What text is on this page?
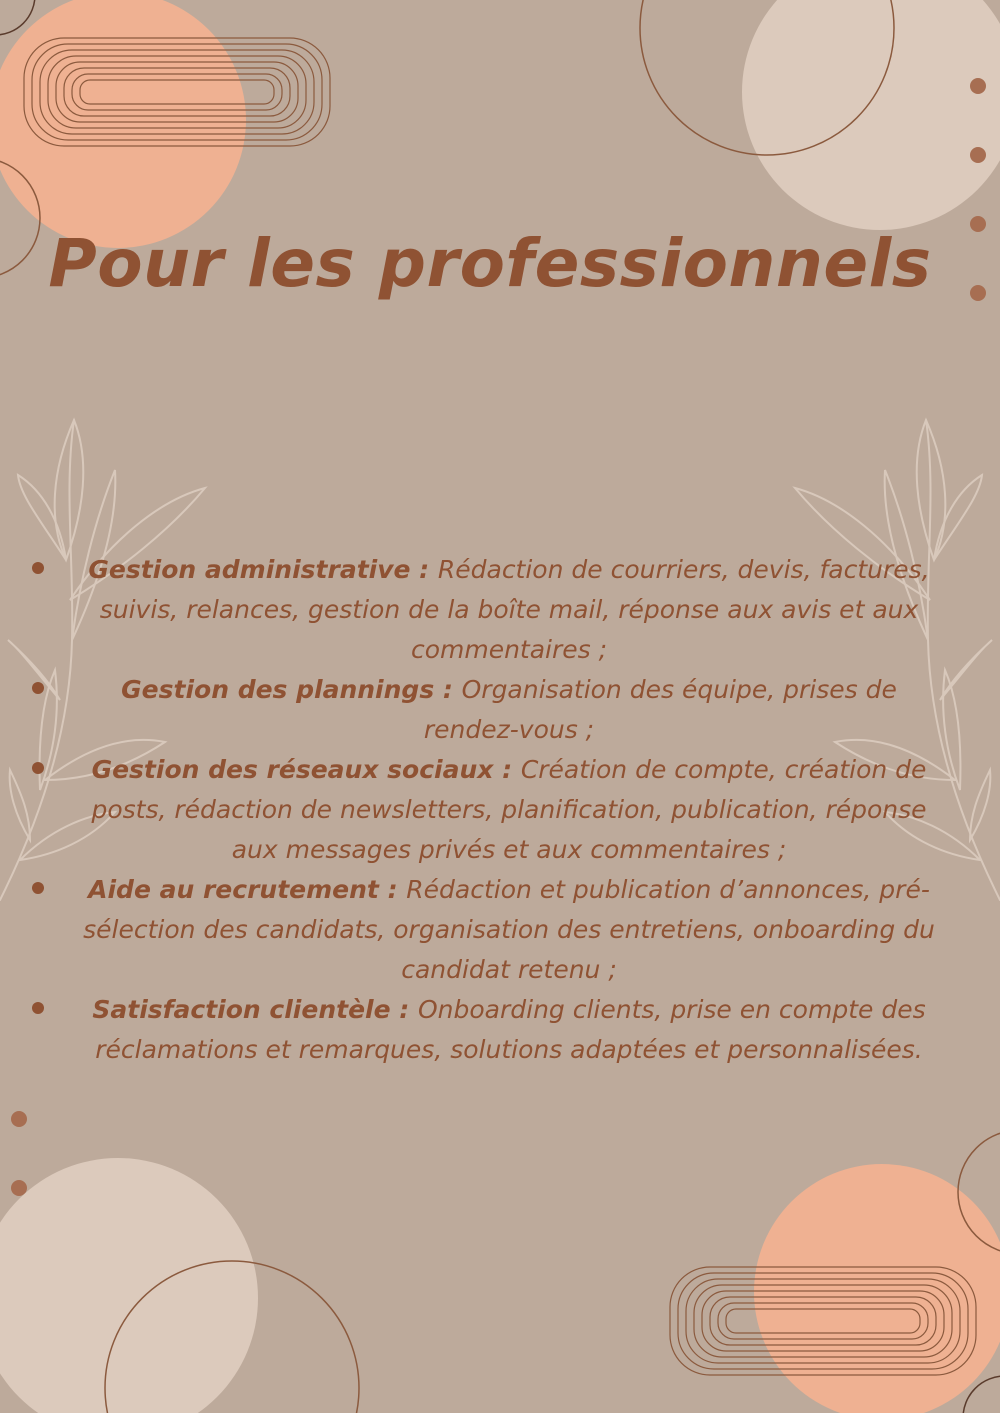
Pour les professionnels
Gestion administrative : Rédaction de courriers, devis, factures, suivis, relances, gestion de la boîte mail, réponse aux avis et aux commentaires ;
Gestion des plannings : Organisation des équipe, prises de rendez-vous ;
Gestion des réseaux sociaux : Création de compte, création de posts, rédaction de newsletters, planification, publication, réponse aux messages privés et aux commentaires ;
Aide au recrutement : Rédaction et publication d’annonces, pré-sélection des candidats, organisation des entretiens, onboarding du candidat retenu ;
Satisfaction clientèle : Onboarding clients, prise en compte des réclamations et remarques, solutions adaptées et personnalisées.
